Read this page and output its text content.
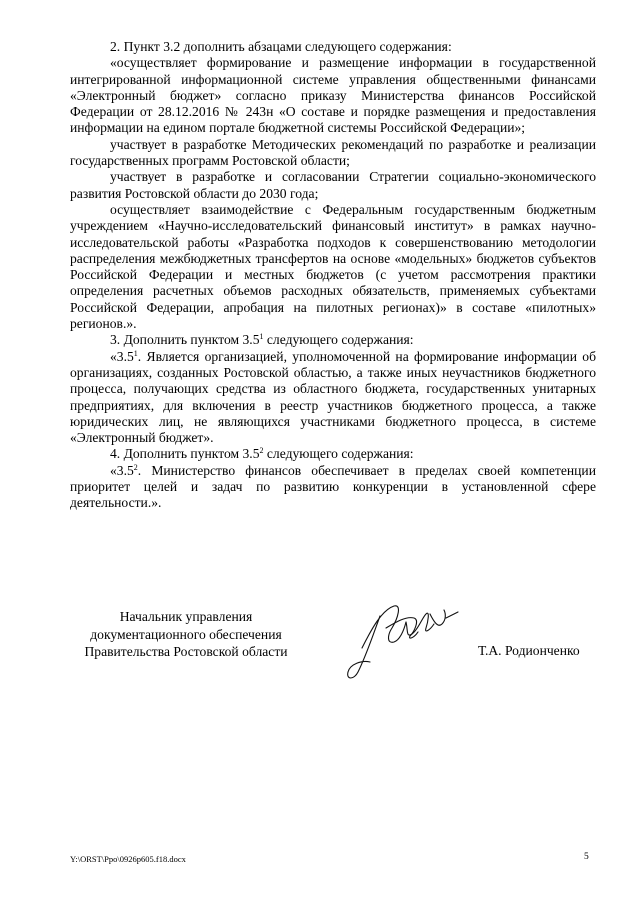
2. Пункт 3.2 дополнить абзацами следующего содержания:

«осуществляет формирование и размещение информации в государственной интегрированной информационной системе управления общественными финансами «Электронный бюджет» согласно приказу Министерства финансов Российской Федерации от 28.12.2016 № 243н «О составе и порядке размещения и предоставления информации на едином портале бюджетной системы Российской Федерации»;

участвует в разработке Методических рекомендаций по разработке и реализации государственных программ Ростовской области;

участвует в разработке и согласовании Стратегии социально-экономического развития Ростовской области до 2030 года;

осуществляет взаимодействие с Федеральным государственным бюджетным учреждением «Научно-исследовательский финансовый институт» в рамках научно-исследовательской работы «Разработка подходов к совершенствованию методологии распределения межбюджетных трансфертов на основе «модельных» бюджетов субъектов Российской Федерации и местных бюджетов (с учетом рассмотрения практики определения расчетных объемов расходных обязательств, применяемых субъектами Российской Федерации, апробация на пилотных регионах)» в составе «пилотных» регионов.».

3. Дополнить пунктом $3.5^1$ следующего содержания:

«$3.5^1$. Является организацией, уполномоченной на формирование информации об организациях, созданных Ростовской областью, а также иных неучастников бюджетного процесса, получающих средства из областного бюджета, государственных унитарных предприятиях, для включения в реестр участников бюджетного процесса, а также юридических лиц, не являющихся участниками бюджетного процесса, в системе «Электронный бюджет».

4. Дополнить пунктом $3.5^2$ следующего содержания:

«$3.5^2$. Министерство финансов обеспечивает в пределах своей компетенции приоритет целей и задач по развитию конкуренции в установленной сфере деятельности.».

Начальник управления
документационного обеспечения
Правительства Ростовской области	Т.А. Родионченко
Y:\ORST\Ppo\0926p605.f18.docx	5
